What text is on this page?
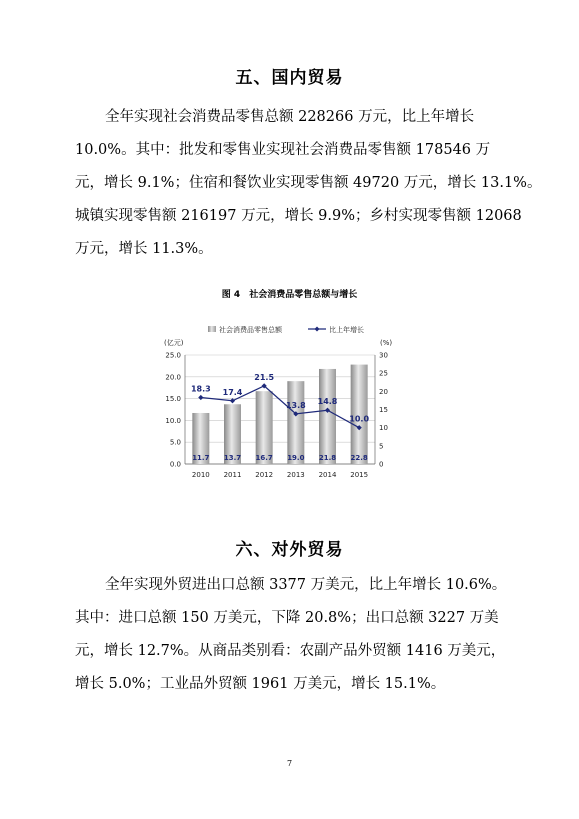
五、国内贸易
全年实现社会消费品零售总额 228266 万元，比上年增长
10.0%。其中：批发和零售业实现社会消费品零售额 178546 万
元，增长 9.1%；住宿和餐饮业实现零售额 49720 万元，增长 13.1%。
城镇实现零售额 216197 万元，增长 9.9%；乡村实现零售额 12068
万元，增长 11.3%。
图 4　社会消费品零售总额与增长
(亿元)	(%)
社会消费品零售总额	比上年增长
0.0
5.0
10.0
15.0
20.0
25.0
0
5
10
15
20
25
30
11.7 13.7 16.7 19.0 21.8 22.8
2010 2011 2012 2013 2014 2015
18.3 17.4
21.5
13.8 14.8
10.0
六、对外贸易
全年实现外贸进出口总额 3377 万美元，比上年增长 10.6%。
其中：进口总额 150 万美元，下降 20.8%；出口总额 3227 万美
元，增长 12.7%。从商品类别看：农副产品外贸额 1416 万美元，
增长 5.0%；工业品外贸额 1961 万美元，增长 15.1%。
7
